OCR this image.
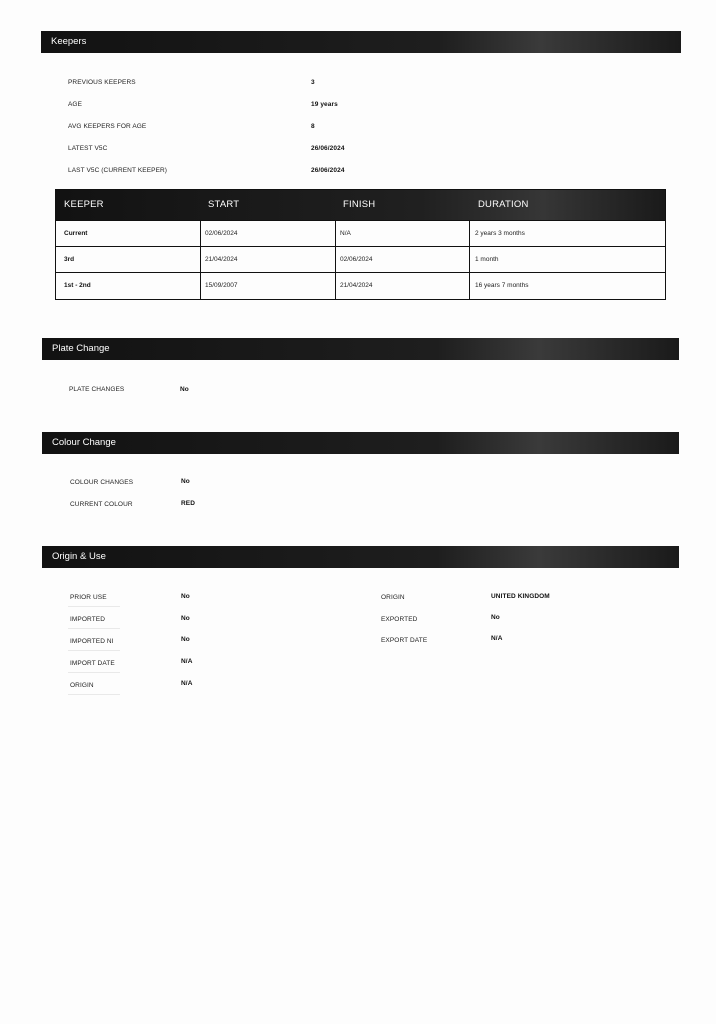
Keepers
PREVIOUS KEEPERS	3
AGE	19 years
AVG KEEPERS FOR AGE	8
LATEST V5C	26/06/2024
LAST V5C (CURRENT KEEPER)	26/06/2024
KEEPER	START	FINISH	DURATION
Current	02/06/2024	N/A	2 years 3 months
3rd	21/04/2024	02/06/2024	1 month
1st - 2nd	15/09/2007	21/04/2024	16 years 7 months
Plate Change
PLATE CHANGES	No
Colour Change
COLOUR CHANGES	No
CURRENT COLOUR	RED
Origin & Use
PRIOR USE	No
IMPORTED	No
IMPORTED NI	No
IMPORT DATE	N/A
ORIGIN	N/A
ORIGIN	UNITED KINGDOM
EXPORTED	No
EXPORT DATE	N/A
